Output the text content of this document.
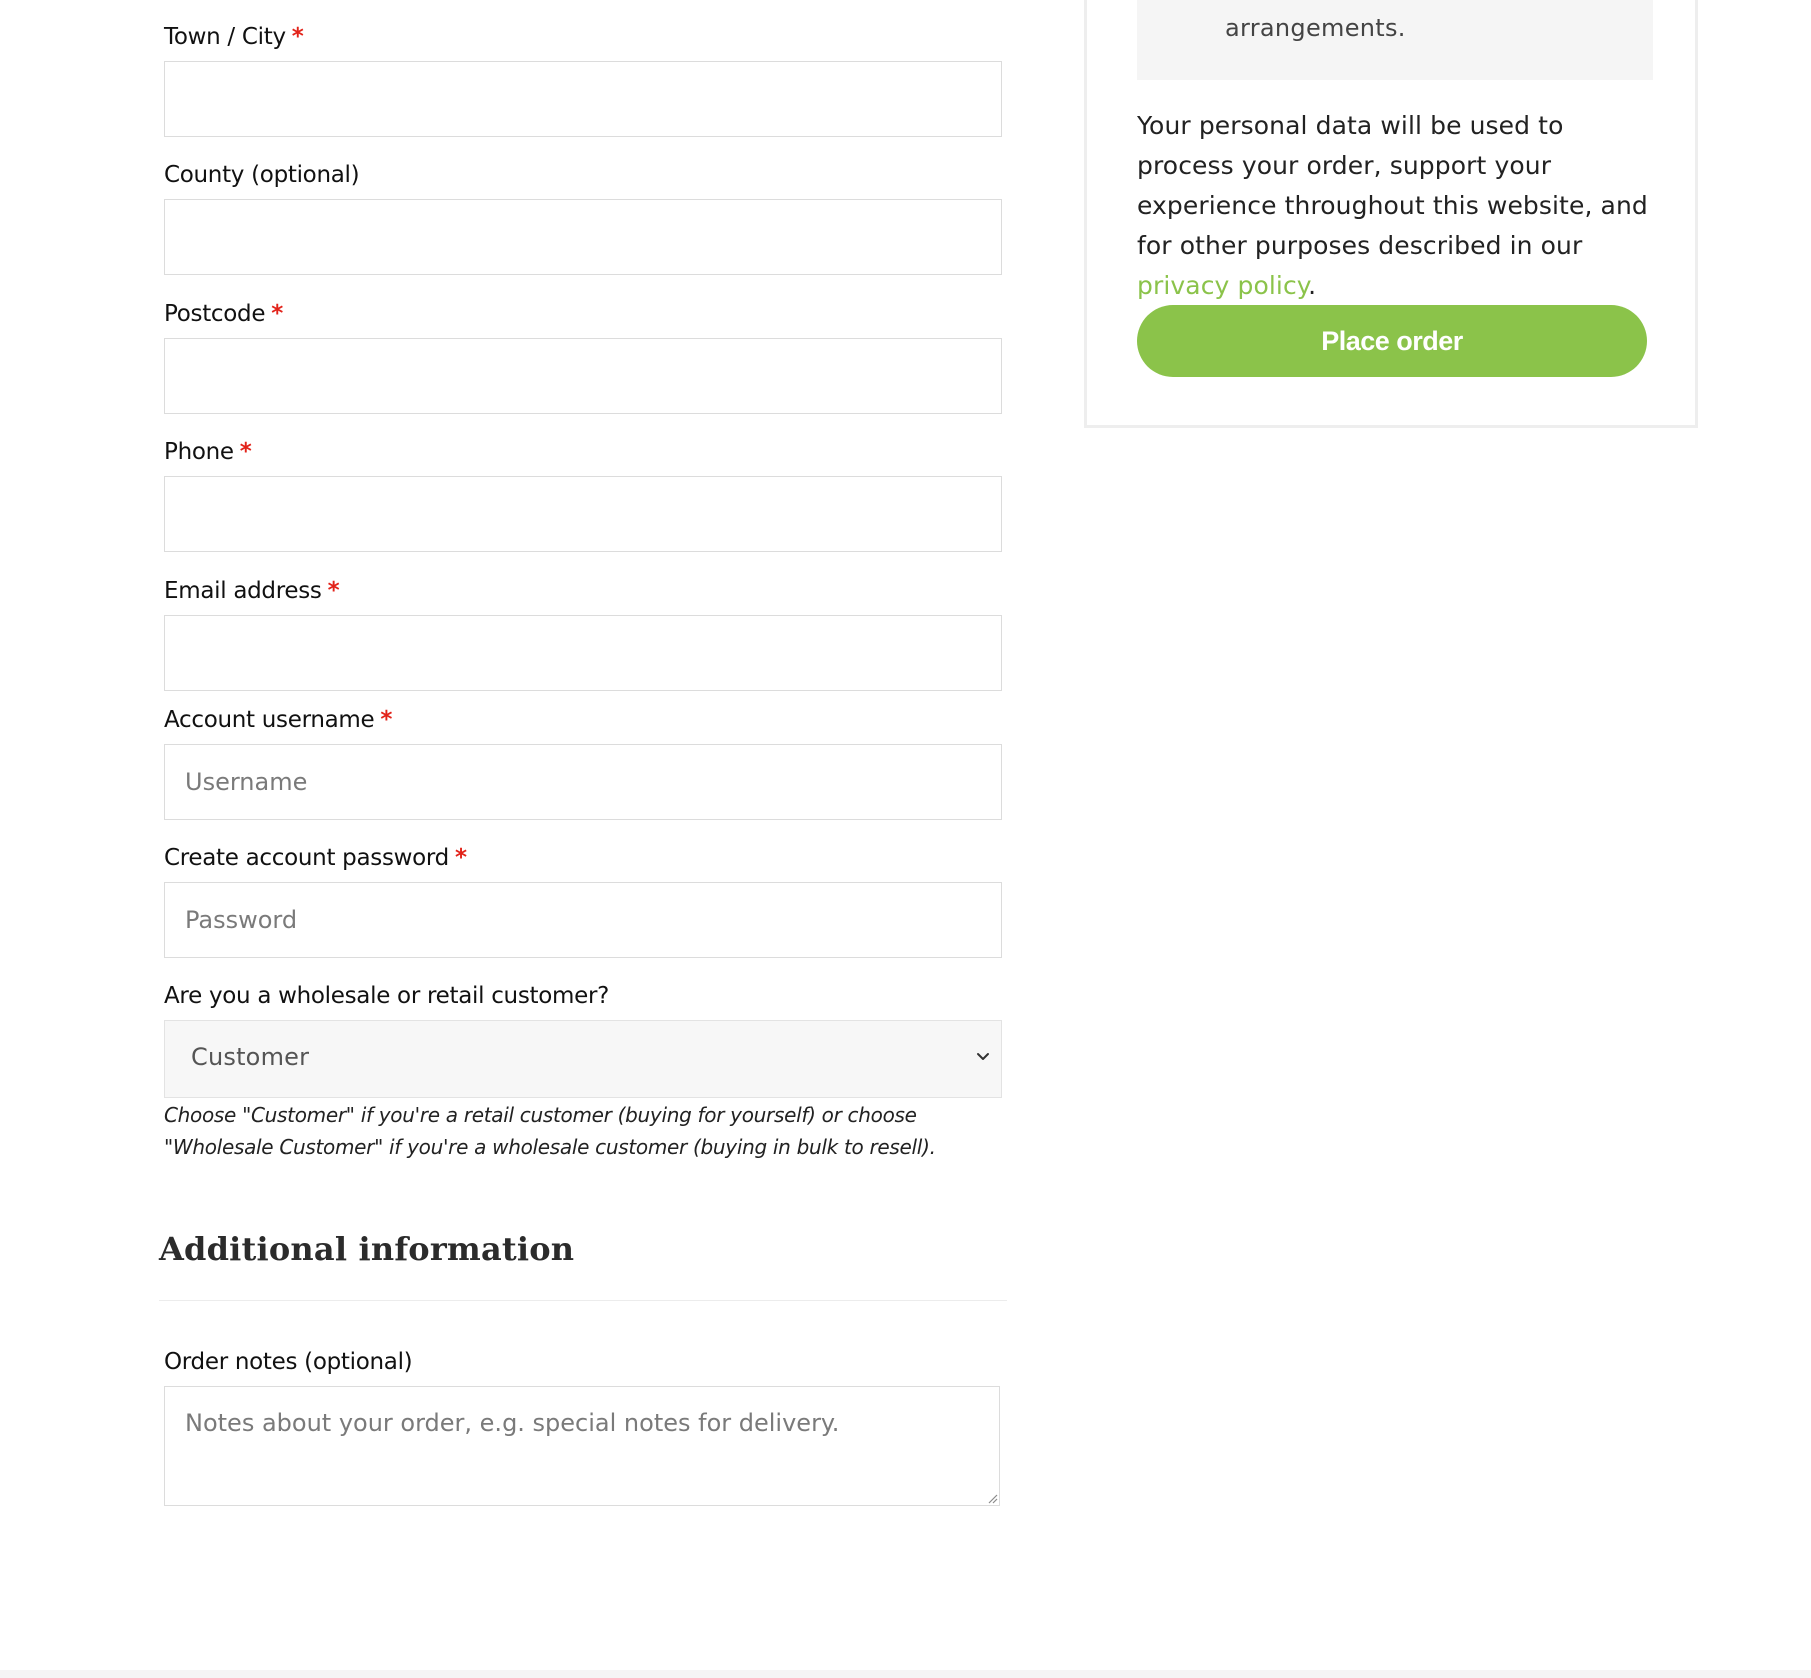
Town / City *
County (optional)
Postcode *
Phone *
Email address *
Account username *
Username
Create account password *
Are you a wholesale or retail customer?
Customer
Choose "Customer" if you're a retail customer (buying for yourself) or choose "Wholesale Customer" if you're a wholesale customer (buying in bulk to resell).
Additional information
Order notes (optional)
Notes about your order, e.g. special notes for delivery.
arrangements.

Your personal data will be used to process your order, support your experience throughout this website, and for other purposes described in our privacy policy.

Place order
